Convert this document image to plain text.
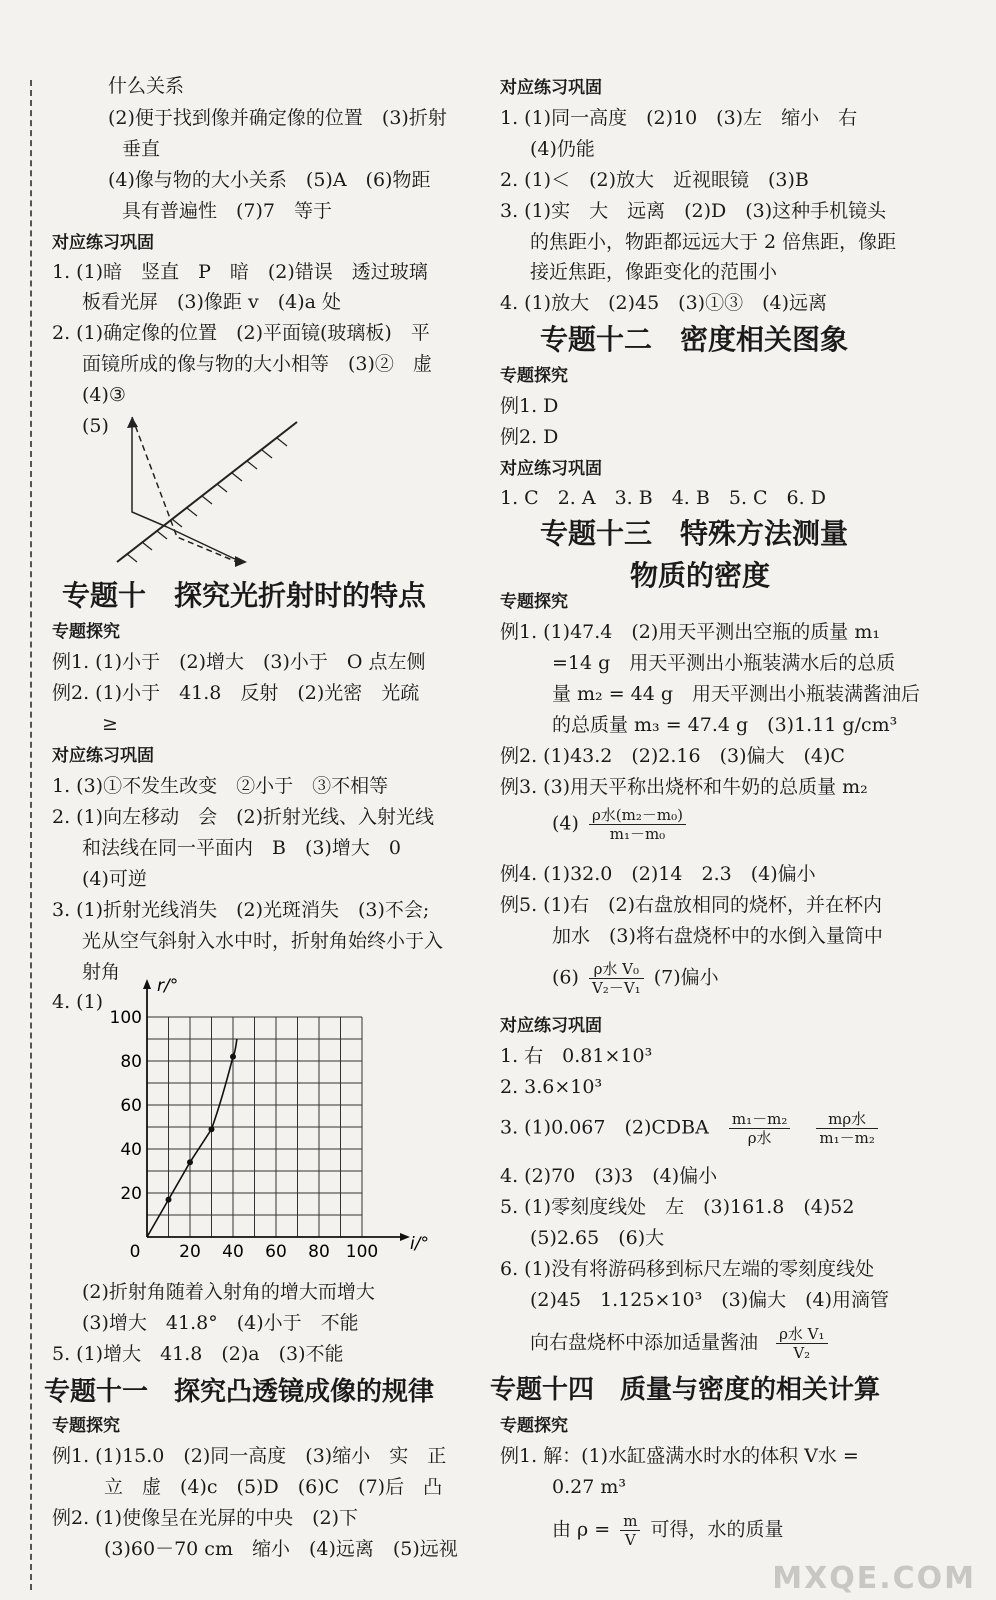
什么关系
(2)便于找到像并确定像的位置　(3)折射
垂直
(4)像与物的大小关系　(5)A　(6)物距
具有普遍性　(7)7　等于
对应练习巩固
1. (1)暗　竖直　P　暗　(2)错误　透过玻璃
板看光屏　(3)像距 v　(4)a 处
2. (1)确定像的位置　(2)平面镜(玻璃板)　平
面镜所成的像与物的大小相等　(3)②　虚
(4)③
(5)
专题十　探究光折射时的特点
专题探究
例1. (1)小于　(2)增大　(3)小于　O 点左侧
例2. (1)小于　41.8　反射　(2)光密　光疏
≥
对应练习巩固
1. (3)①不发生改变　②小于　③不相等
2. (1)向左移动　会　(2)折射光线、入射光线
和法线在同一平面内　B　(3)增大　0
(4)可逆
3. (1)折射光线消失　(2)光斑消失　(3)不会;
光从空气斜射入水中时，折射角始终小于入
射角
4. (1)
0 20 40 60 80 100
20
40
60
80
100
r/°
i/°
(2)折射角随着入射角的增大而增大
(3)增大　41.8°　(4)小于　不能
5. (1)增大　41.8　(2)a　(3)不能
专题十一　探究凸透镜成像的规律
专题探究
例1. (1)15.0　(2)同一高度　(3)缩小　实　正
立　虚　(4)c　(5)D　(6)C　(7)后　凸
例2. (1)使像呈在光屏的中央　(2)下
(3)60－70 cm　缩小　(4)远离　(5)远视
对应练习巩固
1. (1)同一高度　(2)10　(3)左　缩小　右
(4)仍能
2. (1)＜　(2)放大　近视眼镜　(3)B
3. (1)实　大　远离　(2)D　(3)这种手机镜头
的焦距小，物距都远远大于 2 倍焦距，像距
接近焦距，像距变化的范围小
4. (1)放大　(2)45　(3)①③　(4)远离
专题十二　密度相关图象
专题探究
例1. D
例2. D
对应练习巩固
1. C　2. A　3. B　4. B　5. C　6. D
专题十三　特殊方法测量
物质的密度
专题探究
例1. (1)47.4　(2)用天平测出空瓶的质量 m₁
=14 g　用天平测出小瓶装满水后的总质
量 m₂ = 44 g　用天平测出小瓶装满酱油后
的总质量 m₃ = 47.4 g　(3)1.11 g/cm³
例2. (1)43.2　(2)2.16　(3)偏大　(4)C
例3. (3)用天平称出烧杯和牛奶的总质量 m₂
$(4) \frac{\text{ρ水(m₂－m₀)}}{\text{m₁－m₀}}$
例4. (1)32.0　(2)14　2.3　(4)偏小
例5. (1)右　(2)右盘放相同的烧杯，并在杯内
加水　(3)将右盘烧杯中的水倒入量筒中
$(6) \frac{\text{ρ水 V₀}}{\text{V₂－V₁}} (7)$偏小
对应练习巩固
1. 右　0.81×10³
2. 3.6×10³
3. (1)0.067　(2)CDBA $\frac{\text{m₁－m₂}}{\text{ρ水}}$
$\frac{\text{mρ水}}{\text{m₁－m₂}}$
4. (2)70　(3)3　(4)偏小
5. (1)零刻度线处　左　(3)161.8　(4)52
(5)2.65　(6)大
6. (1)没有将游码移到标尺左端的零刻度线处
(2)45　1.125×10³　(3)偏大　(4)用滴管
向右盘烧杯中添加适量酱油 $\frac{\text{ρ水 V₁}}{\text{V₂}}$
专题十四　质量与密度的相关计算
专题探究
例1. 解：(1)水缸盛满水时水的体积 V水 =
0.27 m³
由 $\rho = \frac{m}{V}$ 可得，水的质量
MXQE.COM
